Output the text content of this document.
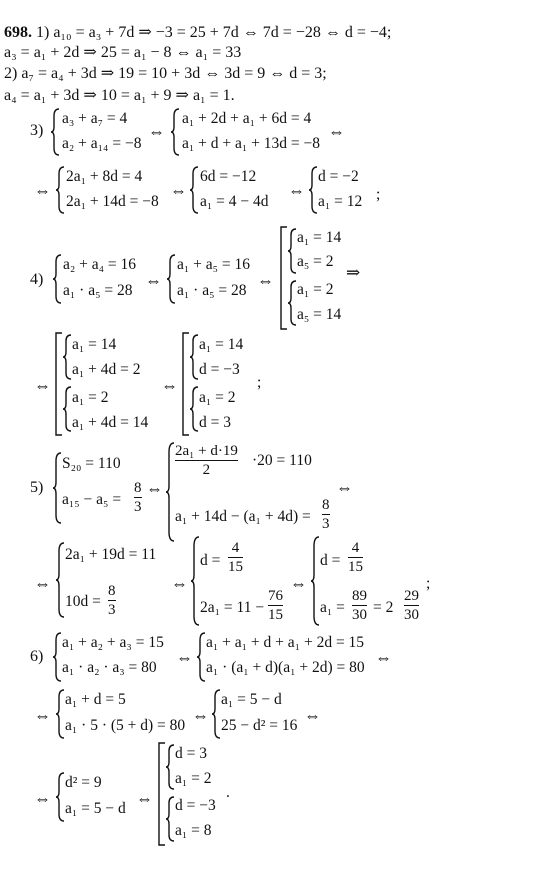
698. 1) a₁₀ = a₃ + 7d ⇒ −3 = 25 + 7d ⇔ 7d = −28 ⇔ d = −4;
a₃ = a₁ + 2d ⇒ 25 = a₁ − 8 ⇔ a₁ = 33
2) a₇ = a₄ + 3d ⇒ 19 = 10 + 3d ⇔ 3d = 9 ⇔ d = 3;
a₄ = a₁ + 3d ⇒ 10 = a₁ + 9 ⇒ a₁ = 1.
3)
a₃ + a₇ = 4
a₂ + a₁₄ = −8
⇔
a₁ + 2d + a₁ + 6d = 4
a₁ + d + a₁ + 13d = −8
⇔
⇔
2a₁ + 8d = 4
2a₁ + 14d = −8
⇔
6d = −12
a₁ = 4 − 4d
⇔
d = −2
a₁ = 12 ;
4)
a₂ + a₄ = 16
a₁ · a₅ = 28
⇔
a₁ + a₅ = 16
a₁ · a₅ = 28
⇔
a₁ = 14
a₅ = 2
a₁ = 2
a₅ = 14
⇒
⇔
a₁ = 14
a₁ + 4d = 2
a₁ = 2
a₁ + 4d = 14
⇔
a₁ = 14
d = −3
a₁ = 2
d = 3
;
5)
S₂₀ = 110
a₁₅ − a₅ =
8
3
⇔
2a₁ + d·19
2
·20 = 110
a₁ + 14d − (a₁ + 4d) =
8
3
⇔
⇔
2a₁ + 19d = 11
10d =
8
3
⇔
d =
4
15
2a₁ = 11 −
76
15
⇔
d =
4
15
a₁ =
89
30 = 2
29
30
;
6)
a₁ + a₂ + a₃ = 15
a₁ · a₂ · a₃ = 80
⇔
a₁ + a₁ + d + a₁ + 2d = 15
a₁ · (a₁ + d)(a₁ + 2d) = 80
⇔
⇔
a₁ + d = 5
a₁ · 5 · (5 + d) = 80
⇔
a₁ = 5 − d
25 − d² = 16
⇔
⇔
d² = 9
a₁ = 5 − d
⇔
d = 3
a₁ = 2
d = −3
a₁ = 8
.
